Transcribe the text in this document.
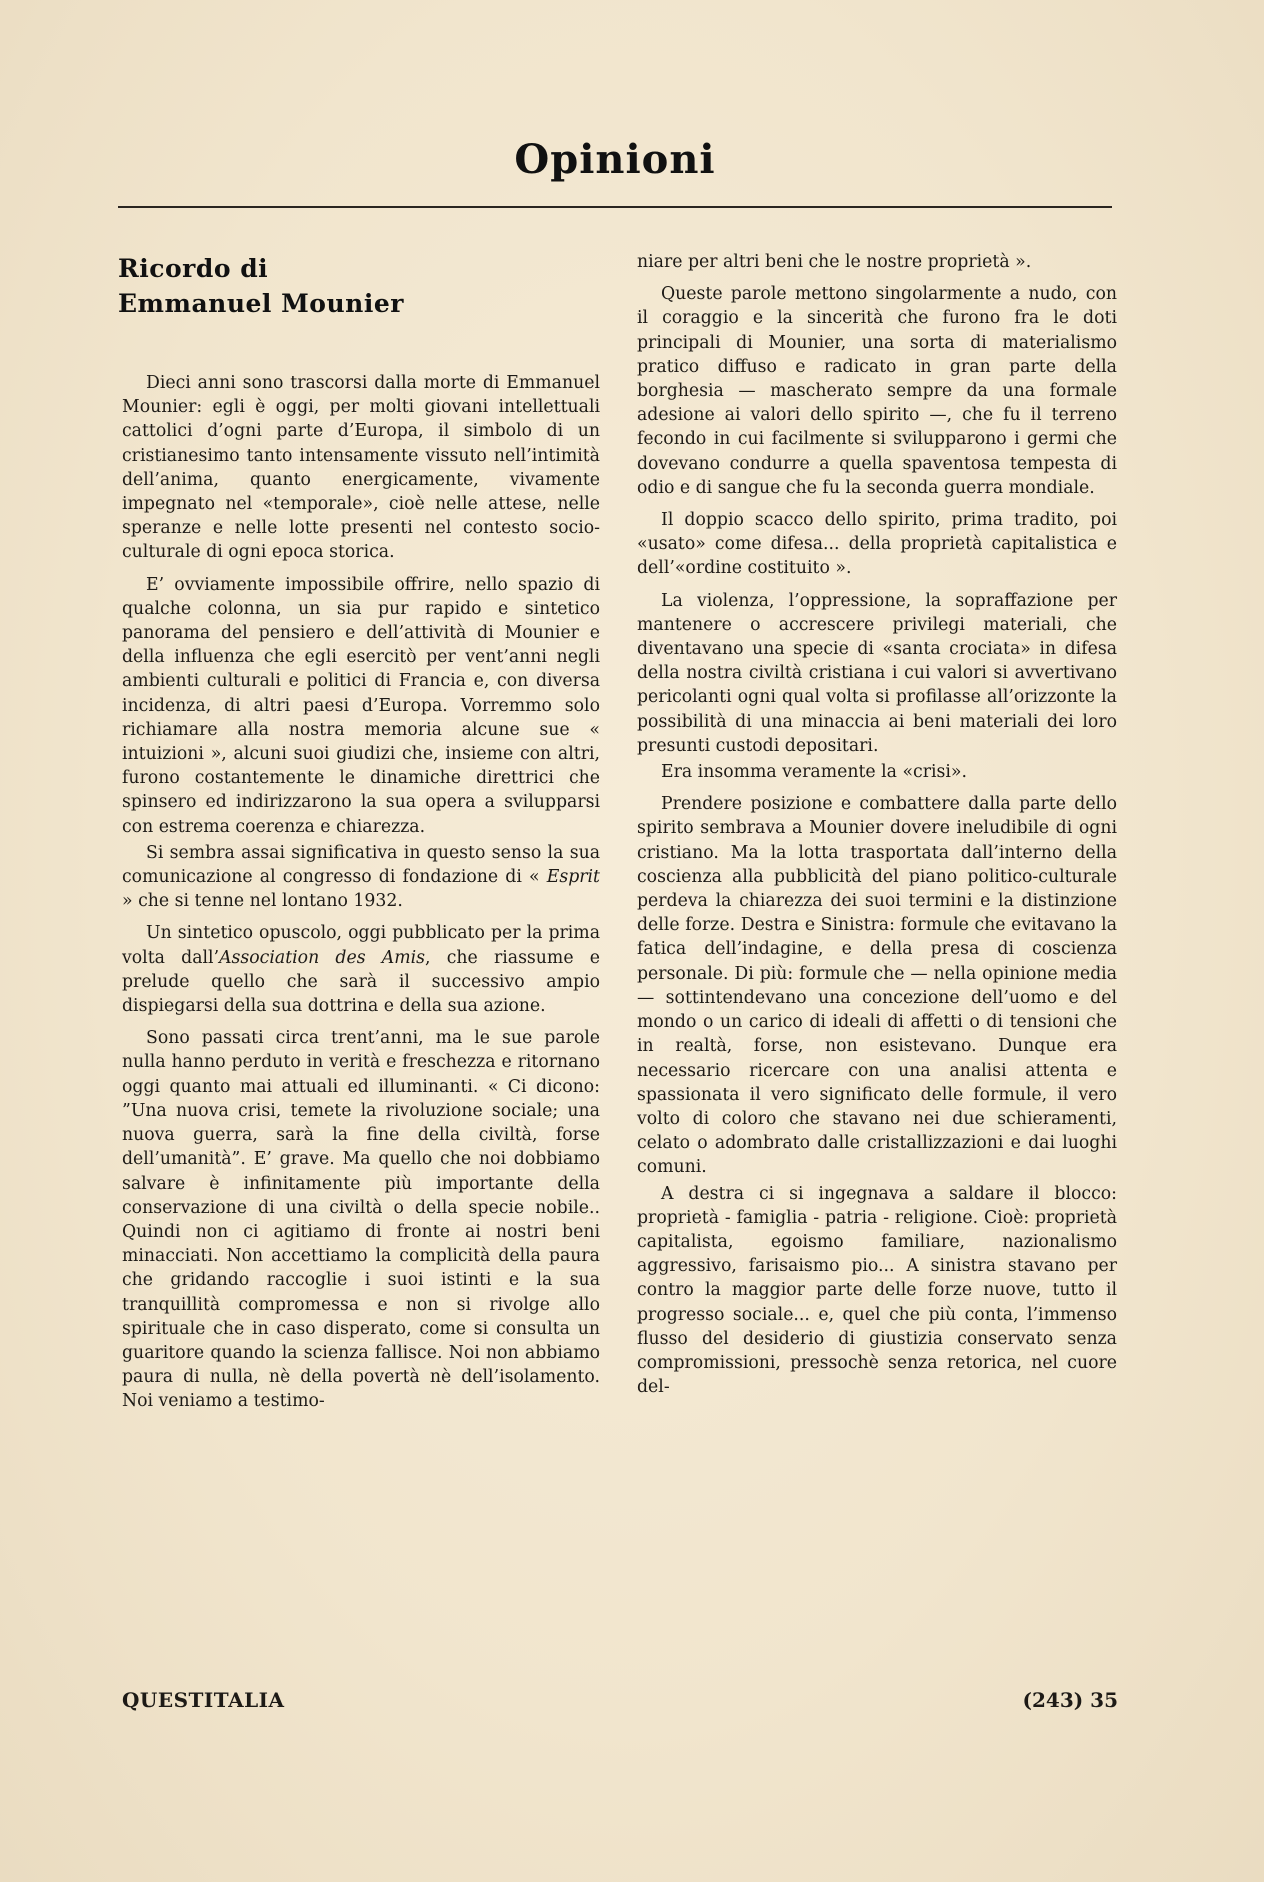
Opinioni
Ricordo di
Emmanuel Mounier

Dieci anni sono trascorsi dalla morte di Emmanuel Mounier: egli è oggi, per molti giovani intellettuali cattolici d’ogni parte d’Europa, il simbolo di un cristianesimo tanto intensamente vissuto nell’intimità dell’anima, quanto energicamente, vivamente impegnato nel «temporale», cioè nelle attese, nelle speranze e nelle lotte presenti nel contesto socio-culturale di ogni epoca storica.

E’ ovviamente impossibile offrire, nello spazio di qualche colonna, un sia pur rapido e sintetico panorama del pensiero e dell’attività di Mounier e della influenza che egli esercitò per vent’anni negli ambienti culturali e politici di Francia e, con diversa incidenza, di altri paesi d’Europa. Vorremmo solo richiamare alla nostra memoria alcune sue « intuizioni », alcuni suoi giudizi che, insieme con altri, furono costantemente le dinamiche direttrici che spinsero ed indirizzarono la sua opera a svilupparsi con estrema coerenza e chiarezza.

Si sembra assai significativa in questo senso la sua comunicazione al congresso di fondazione di « Esprit » che si tenne nel lontano 1932.

Un sintetico opuscolo, oggi pubblicato per la prima volta dall’Association des Amis, che riassume e prelude quello che sarà il successivo ampio dispiegarsi della sua dottrina e della sua azione.

Sono passati circa trent’anni, ma le sue parole nulla hanno perduto in verità e freschezza e ritornano oggi quanto mai attuali ed illuminanti. « Ci dicono: ”Una nuova crisi, temete la rivoluzione sociale; una nuova guerra, sarà la fine della civiltà, forse dell’umanità”. E’ grave. Ma quello che noi dobbiamo salvare è infinitamente più importante della conservazione di una civiltà o della specie nobile.. Quindi non ci agitiamo di fronte ai nostri beni minacciati. Non accettiamo la complicità della paura che gridando raccoglie i suoi istinti e la sua tranquillità compromessa e non si rivolge allo spirituale che in caso disperato, come si consulta un guaritore quando la scienza fallisce. Noi non abbiamo paura di nulla, nè della povertà nè dell’isolamento. Noi veniamo a testimo-

niare per altri beni che le nostre proprietà ».

Queste parole mettono singolarmente a nudo, con il coraggio e la sincerità che furono fra le doti principali di Mounier, una sorta di materialismo pratico diffuso e radicato in gran parte della borghesia — mascherato sempre da una formale adesione ai valori dello spirito —, che fu il terreno fecondo in cui facilmente si svilupparono i germi che dovevano condurre a quella spaventosa tempesta di odio e di sangue che fu la seconda guerra mondiale.

Il doppio scacco dello spirito, prima tradito, poi «usato» come difesa... della proprietà capitalistica e dell’«ordine costituito ».

La violenza, l’oppressione, la sopraffazione per mantenere o accrescere privilegi materiali, che diventavano una specie di «santa crociata» in difesa della nostra civiltà cristiana i cui valori si avvertivano pericolanti ogni qual volta si profilasse all’orizzonte la possibilità di una minaccia ai beni materiali dei loro presunti custodi depositari.

Era insomma veramente la «crisi».

Prendere posizione e combattere dalla parte dello spirito sembrava a Mounier dovere ineludibile di ogni cristiano. Ma la lotta trasportata dall’interno della coscienza alla pubblicità del piano politico-culturale perdeva la chiarezza dei suoi termini e la distinzione delle forze. Destra e Sinistra: formule che evitavano la fatica dell’indagine, e della presa di coscienza personale. Di più: formule che — nella opinione media — sottintendevano una concezione dell’uomo e del mondo o un carico di ideali di affetti o di tensioni che in realtà, forse, non esistevano. Dunque era necessario ricercare con una analisi attenta e spassionata il vero significato delle formule, il vero volto di coloro che stavano nei due schieramenti, celato o adombrato dalle cristallizzazioni e dai luoghi comuni.

A destra ci si ingegnava a saldare il blocco: proprietà - famiglia - patria - religione. Cioè: proprietà capitalista, egoismo familiare, nazionalismo aggressivo, farisaismo pio... A sinistra stavano per contro la maggior parte delle forze nuove, tutto il progresso sociale... e, quel che più conta, l’immenso flusso del desiderio di giustizia conservato senza compromissioni, pressochè senza retorica, nel cuore del-

QUESTITALIA	(243) 35
